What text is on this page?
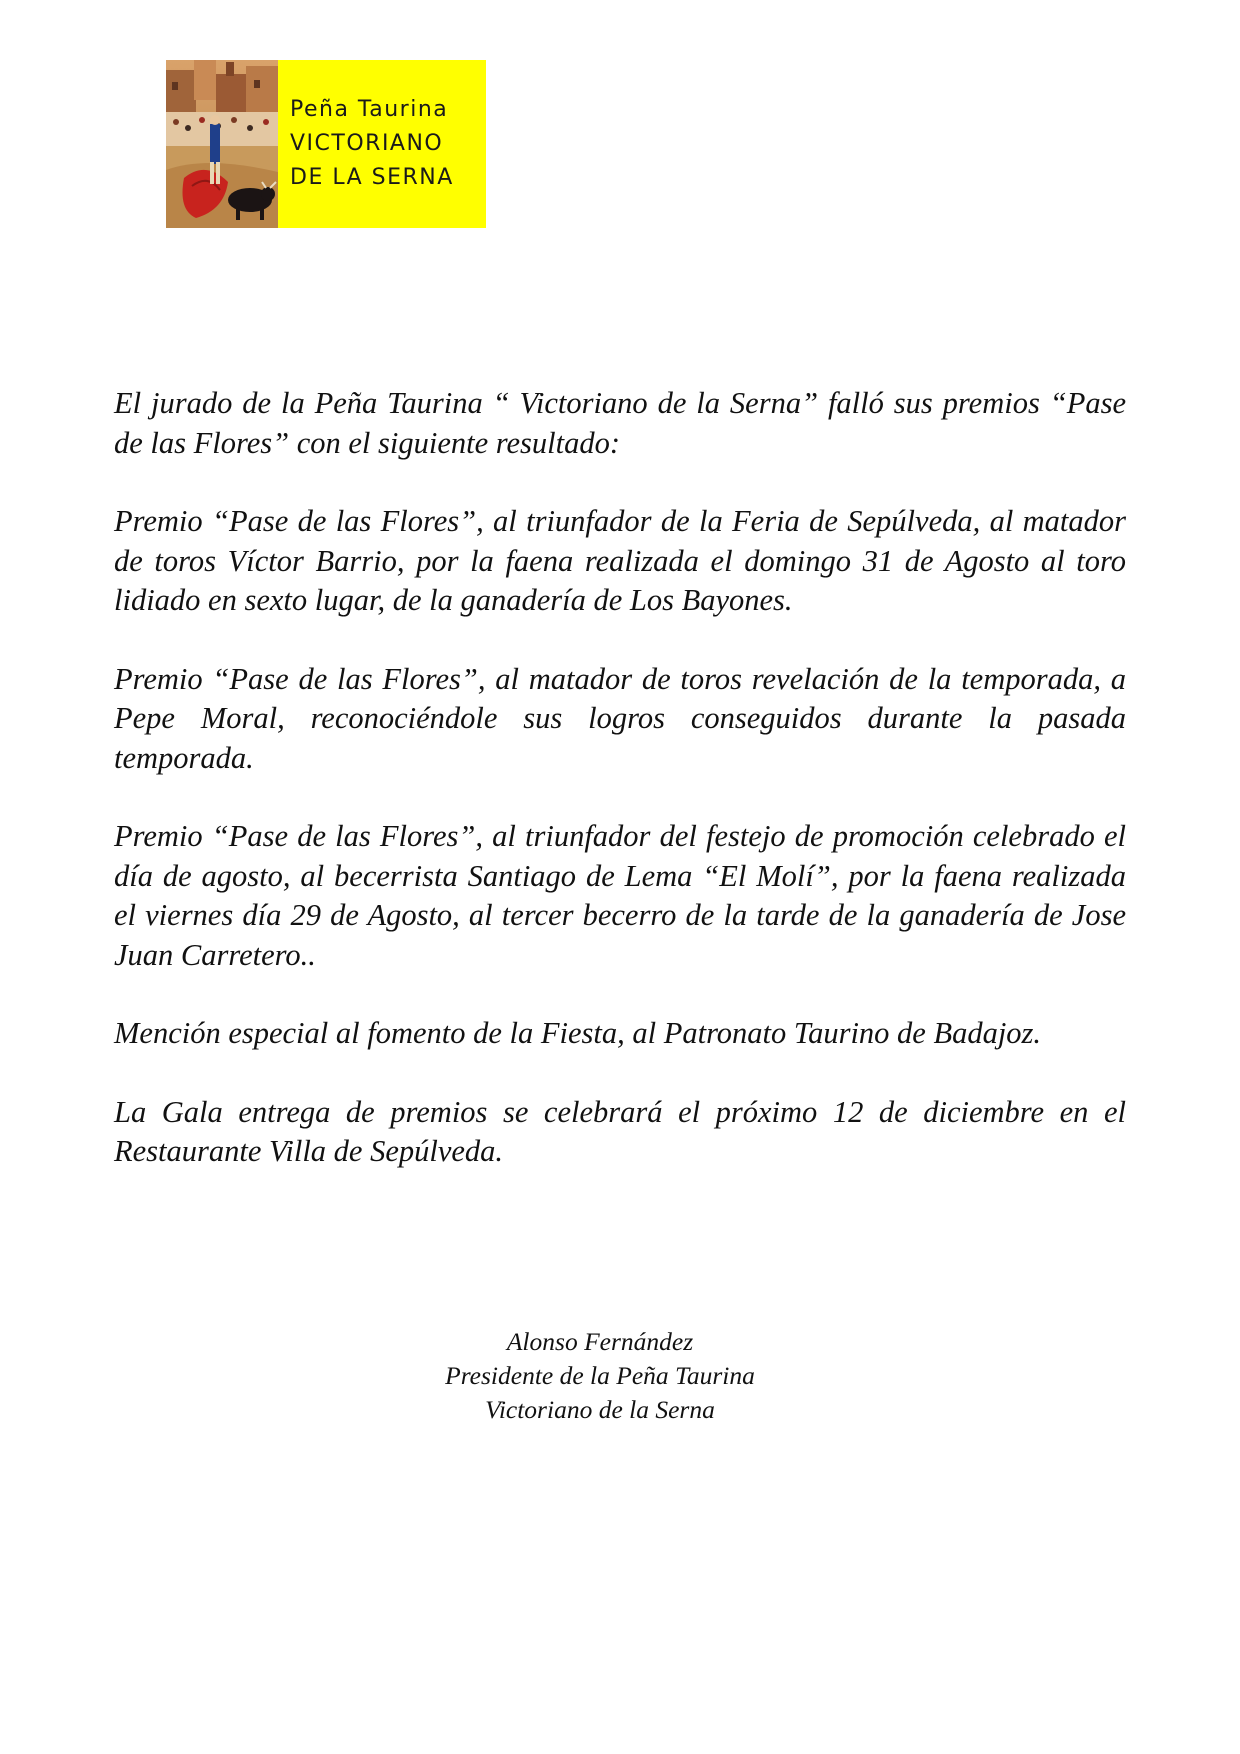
Peña Taurina
VICTORIANO
DE LA SERNA

El jurado de la Peña Taurina “ Victoriano de la Serna” falló sus premios “Pase de las Flores” con el siguiente resultado:

Premio “Pase de las Flores”, al triunfador de la Feria de Sepúlveda, al matador de toros Víctor Barrio, por la faena realizada el domingo 31 de Agosto al toro lidiado en sexto lugar, de la ganadería de Los Bayones.

Premio “Pase de las Flores”, al matador de toros revelación de la temporada, a Pepe Moral, reconociéndole sus logros conseguidos durante la pasada temporada.

Premio “Pase de las Flores”, al triunfador del festejo de promoción celebrado el día de agosto, al becerrista Santiago de Lema “El Molí”, por la faena realizada el viernes día 29 de Agosto, al tercer becerro de la tarde de la ganadería de Jose Juan Carretero..

Mención especial al fomento de la Fiesta, al Patronato Taurino de Badajoz.

La Gala entrega de premios se celebrará el próximo 12 de diciembre en el Restaurante Villa de Sepúlveda.

Alonso Fernández
Presidente de la Peña Taurina
Victoriano de la Serna
